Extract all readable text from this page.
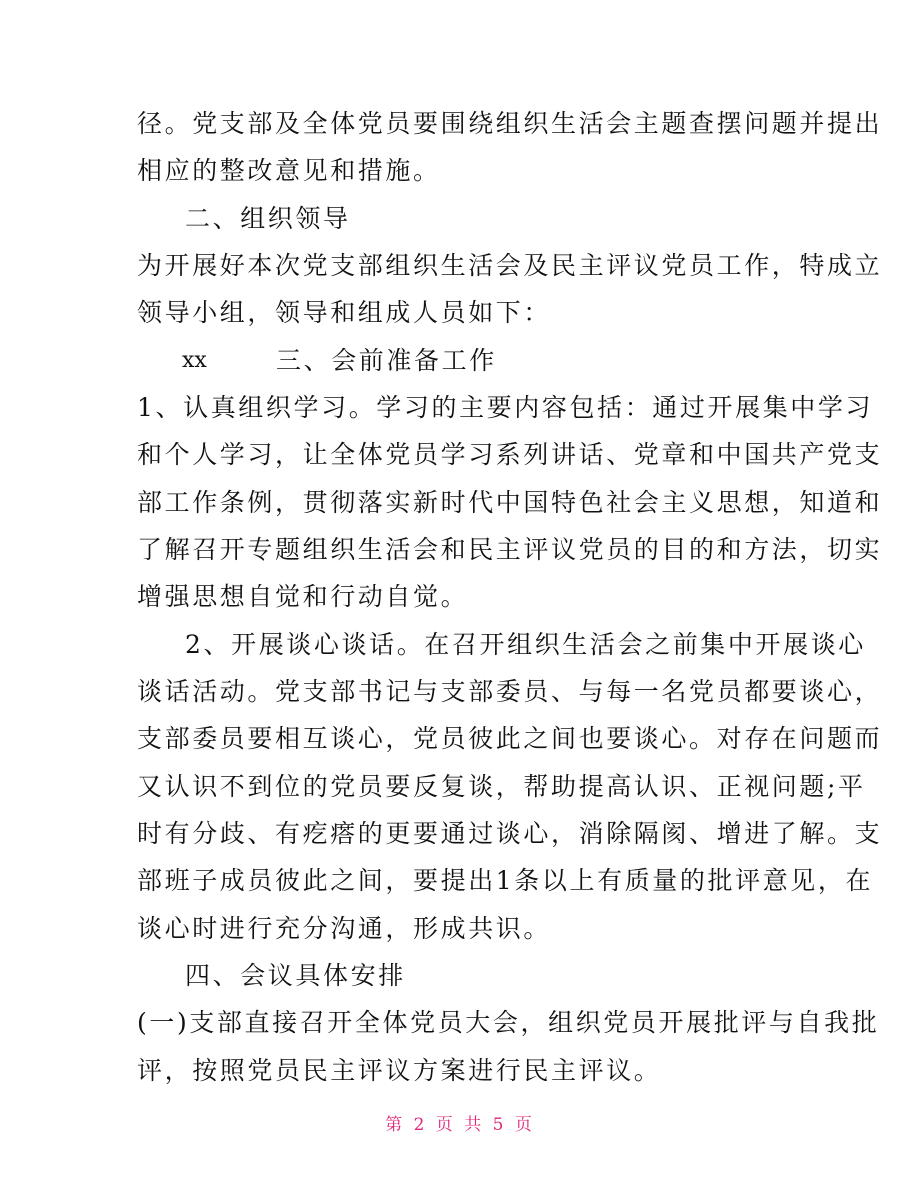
径。党支部及全体党员要围绕组织生活会主题查摆问题并提出
相应的整改意见和措施。
二、组织领导
为开展好本次党支部组织生活会及民主评议党员工作，特成立
领导小组，领导和组成人员如下：
xx	三、会前准备工作
1、认真组织学习。学习的主要内容包括：通过开展集中学习
和个人学习，让全体党员学习系列讲话、党章和中国共产党支
部工作条例，贯彻落实新时代中国特色社会主义思想，知道和
了解召开专题组织生活会和民主评议党员的目的和方法，切实
增强思想自觉和行动自觉。
2、开展谈心谈话。在召开组织生活会之前集中开展谈心
谈话活动。党支部书记与支部委员、与每一名党员都要谈心，
支部委员要相互谈心，党员彼此之间也要谈心。对存在问题而
又认识不到位的党员要反复谈，帮助提高认识、正视问题;平
时有分歧、有疙瘩的更要通过谈心，消除隔阂、增进了解。支
部班子成员彼此之间，要提出1条以上有质量的批评意见，在
谈心时进行充分沟通，形成共识。
四、会议具体安排
(一)支部直接召开全体党员大会，组织党员开展批评与自我批
评，按照党员民主评议方案进行民主评议。
第 2 页 共 5 页
